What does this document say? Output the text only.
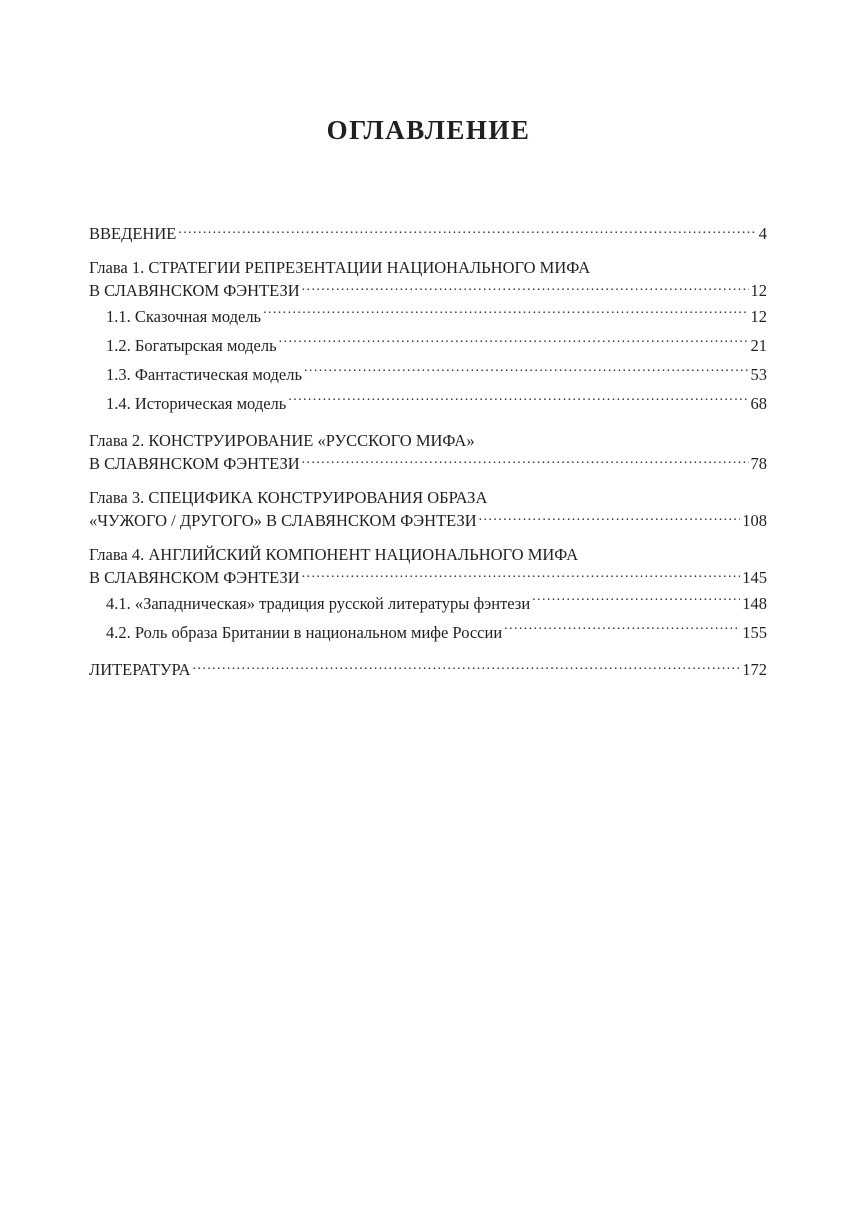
ОГЛАВЛЕНИЕ
ВВЕДЕНИЕ .....	4
Глава 1. СТРАТЕГИИ РЕПРЕЗЕНТАЦИИ НАЦИОНАЛЬНОГО МИФА
В СЛАВЯНСКОМ ФЭНТЕЗИ .....	12
1.1. Сказочная модель .....	12
1.2. Богатырская модель .....	21
1.3. Фантастическая модель .....	53
1.4. Историческая модель .....	68
Глава 2. КОНСТРУИРОВАНИЕ «РУССКОГО МИФА»
В СЛАВЯНСКОМ ФЭНТЕЗИ .....	78
Глава 3. СПЕЦИФИКА КОНСТРУИРОВАНИЯ ОБРАЗА
«ЧУЖОГО / ДРУГОГО» В СЛАВЯНСКОМ ФЭНТЕЗИ .....	108
Глава 4. АНГЛИЙСКИЙ КОМПОНЕНТ НАЦИОНАЛЬНОГО МИФА
В СЛАВЯНСКОМ ФЭНТЕЗИ .....	145
4.1. «Западническая» традиция русской литературы фэнтези .....	148
4.2. Роль образа Британии в национальном мифе России .....	155
ЛИТЕРАТУРА .....	172
